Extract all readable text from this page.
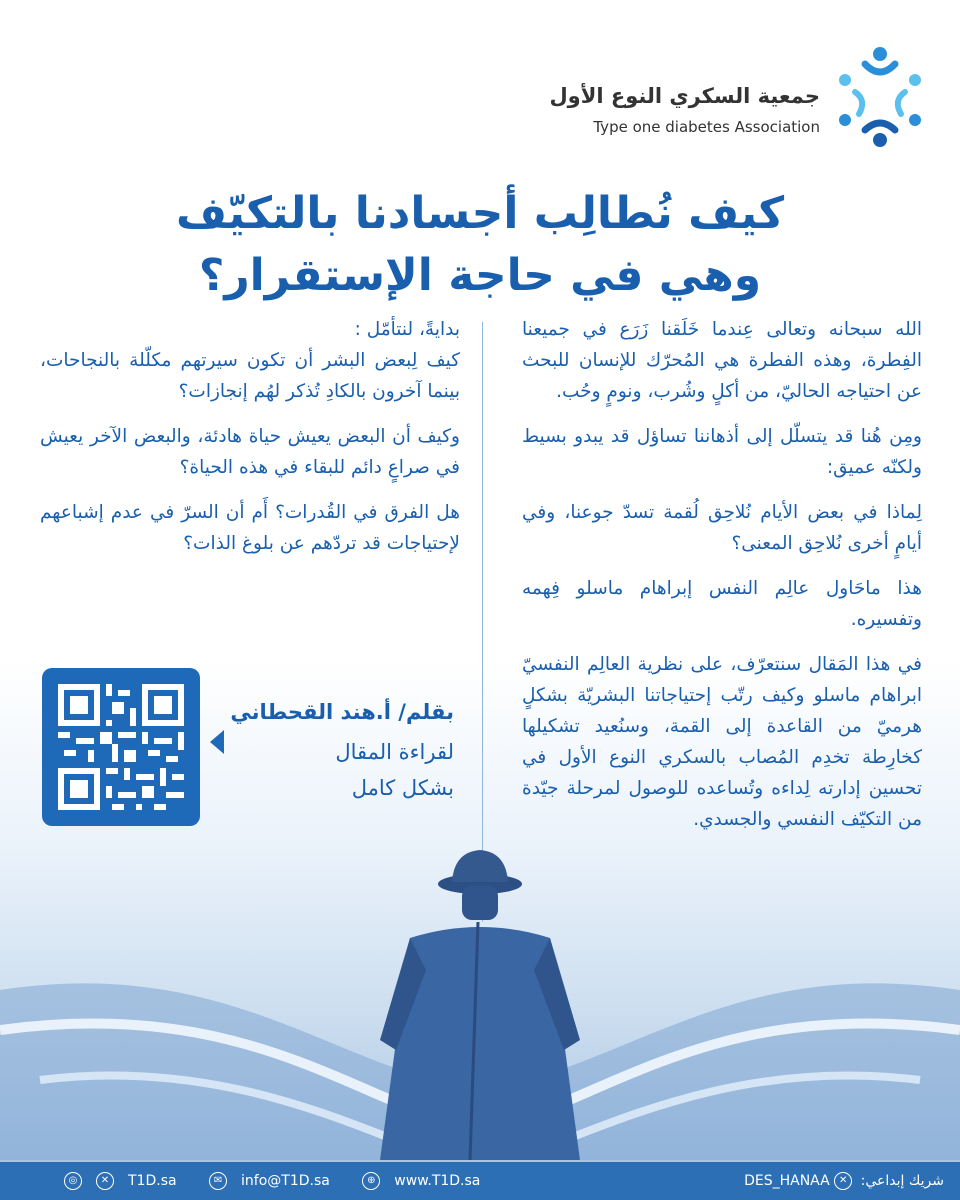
جمعية السكري النوع الأول
Type one diabetes Association
كيف نُطالِب أجسادنا بالتكيّف
وهي في حاجة الإستقرار؟

الله سبحانه وتعالى عِندما خَلَقنا زَرَع في جميعنا الفِطرة، وهذه الفطرة هي المُحرّك للإنسان للبحث عن احتياجه الحاليّ، من أكلٍ وشُرب، ونومٍ وحُب.

ومِن هُنا قد يتسلّل إلى أذهاننا تساؤل قد يبدو بسيط ولكنّه عميق:

لِماذا في بعض الأيام نُلاحِق لُقمة تسدّ جوعنا، وفي أيامٍ أخرى نُلاحِق المعنى؟

هذا ماحَاول عالِم النفس إبراهام ماسلو فِهمه وتفسيره.

في هذا المَقال سنتعرّف، على نظرية العالِم النفسيّ ابراهام ماسلو وكيف رتّب إحتياجاتنا البشريّة بشكلٍ هرميّ من القاعدة إلى القمة، وسنُعيد تشكيلها كخارِطة تخدِم المُصاب بالسكري النوع الأول في تحسين إدارته لِداءه وتُساعده للوصول لمرحلة جيّدة من التكيّف النفسي والجسدي.

بدايةً، لنتأمّل :

كيف لِبعض البشر أن تكون سيرتهم مكلّلة بالنجاحات، بينما آخرون بالكادِ تُذكر لهُم إنجازات؟

وكيف أن البعض يعيش حياة هادئة، والبعض الآخر يعيش في صراعٍ دائم للبقاء في هذه الحياة؟

هل الفرق في القُدرات؟ أَم أن السرّ في عدم إشباعهم لإحتياجات قد تردّهم عن بلوغ الذات؟

بقلم/ أ.هند القحطاني
لقراءة المقال
بشكل كامل
◎ ✕ T1D.sa	✉ info@T1D.sa	⊕ www.T1D.sa	شريك إبداعي: ✕ DES_HANAA
